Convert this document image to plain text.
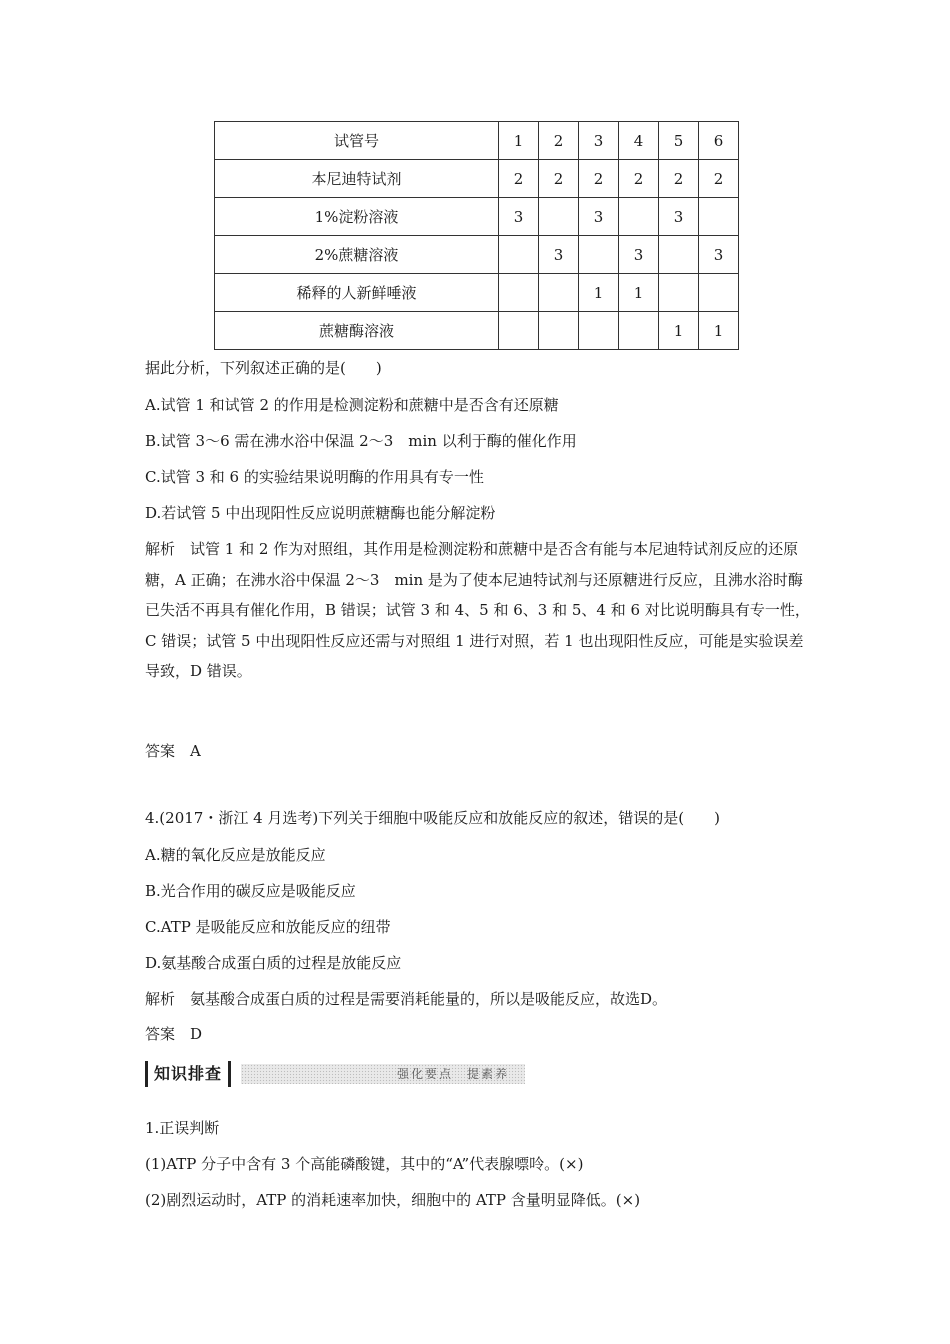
试管号	1	2	3	4	5	6
本尼迪特试剂	2	2	2	2	2	2
1%淀粉溶液	3		3		3	
2%蔗糖溶液		3		3		3
稀释的人新鲜唾液			1	1		
蔗糖酶溶液					1	1
据此分析，下列叙述正确的是(　　)
A.试管 1 和试管 2 的作用是检测淀粉和蔗糖中是否含有还原糖
B.试管 3～6 需在沸水浴中保温 2～3　min 以利于酶的催化作用
C.试管 3 和 6 的实验结果说明酶的作用具有专一性
D.若试管 5 中出现阳性反应说明蔗糖酶也能分解淀粉
解析　试管 1 和 2 作为对照组，其作用是检测淀粉和蔗糖中是否含有能与本尼迪特试剂反应的还原糖，A 正确；在沸水浴中保温 2～3　min 是为了使本尼迪特试剂与还原糖进行反应，且沸水浴时酶已失活不再具有催化作用，B 错误；试管 3 和 4、5 和 6、3 和 5、4 和 6 对比说明酶具有专一性，C 错误；试管 5 中出现阳性反应还需与对照组 1 进行对照，若 1 也出现阳性反应，可能是实验误差导致，D 错误。
答案　A
4.(2017・浙江 4 月选考)下列关于细胞中吸能反应和放能反应的叙述，错误的是(　　)
A.糖的氧化反应是放能反应
B.光合作用的碳反应是吸能反应
C.ATP 是吸能反应和放能反应的纽带
D.氨基酸合成蛋白质的过程是放能反应
解析　氨基酸合成蛋白质的过程是需要消耗能量的，所以是吸能反应，故选D。
答案　D
知识排查	强化要点　提素养
1.正误判断
(1)ATP 分子中含有 3 个高能磷酸键，其中的“A”代表腺嘌呤。(×)
(2)剧烈运动时，ATP 的消耗速率加快，细胞中的 ATP 含量明显降低。(×)
